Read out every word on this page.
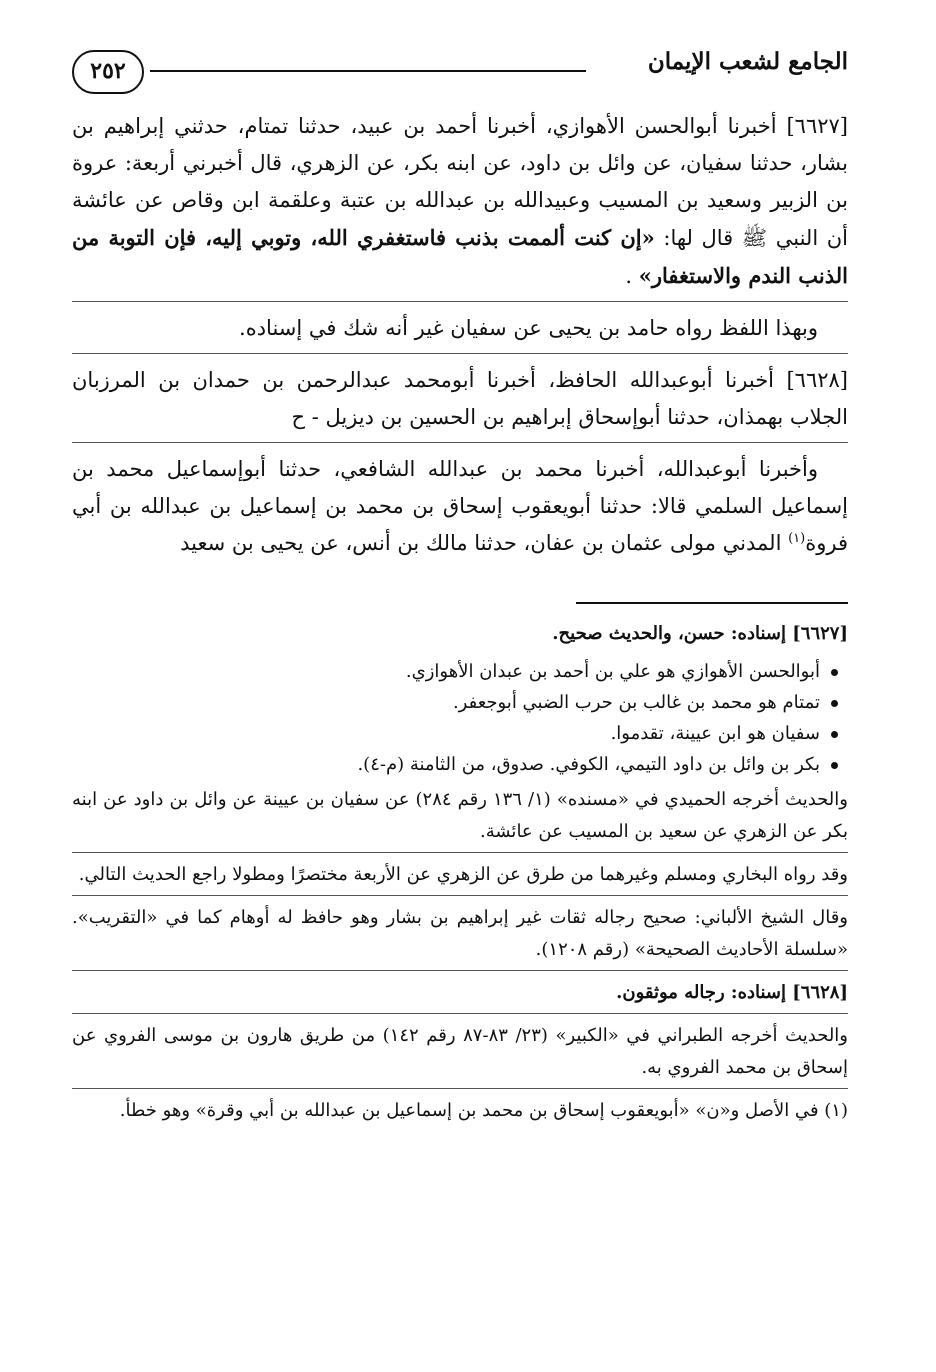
الجامع لشعب الإيمان
٢٥٢

[٦٦٢٧] أخبرنا أبوالحسن الأهوازي، أخبرنا أحمد بن عبيد، حدثنا تمتام، حدثني إبراهيم بن بشار، حدثنا سفيان، عن وائل بن داود، عن ابنه بكر، عن الزهري، قال أخبرني أربعة: عروة بن الزبير وسعيد بن المسيب وعبيدالله بن عبدالله بن عتبة وعلقمة ابن وقاص عن عائشة أن النبي ﷺ قال لها: «إن كنت ألممت بذنب فاستغفري الله، وتوبي إليه، فإن التوبة من الذنب الندم والاستغفار» .

وبهذا اللفظ رواه حامد بن يحيى عن سفيان غير أنه شك في إسناده.

[٦٦٢٨] أخبرنا أبوعبدالله الحافظ، أخبرنا أبومحمد عبدالرحمن بن حمدان بن المرزبان الجلاب بهمذان، حدثنا أبوإسحاق إبراهيم بن الحسين بن ديزيل - ح

وأخبرنا أبوعبدالله، أخبرنا محمد بن عبدالله الشافعي، حدثنا أبوإسماعيل محمد بن إسماعيل السلمي قالا: حدثنا أبويعقوب إسحاق بن محمد بن إسماعيل بن عبدالله بن أبي فروة$^{(١)}$ المدني مولى عثمان بن عفان، حدثنا مالك بن أنس، عن يحيى بن سعيد

[٦٦٢٧] إسناده: حسن، والحديث صحيح.

أبوالحسن الأهوازي هو علي بن أحمد بن عبدان الأهوازي.
تمتام هو محمد بن غالب بن حرب الضبي أبوجعفر.
سفيان هو ابن عيينة، تقدموا.
بكر بن وائل بن داود التيمي، الكوفي. صدوق، من الثامنة (م-٤).

والحديث أخرجه الحميدي في «مسنده» (١/ ١٣٦ رقم ٢٨٤) عن سفيان بن عيينة عن وائل بن داود عن ابنه بكر عن الزهري عن سعيد بن المسيب عن عائشة.

وقد رواه البخاري ومسلم وغيرهما من طرق عن الزهري عن الأربعة مختصرًا ومطولا راجع الحديث التالي.

وقال الشيخ الألباني: صحيح رجاله ثقات غير إبراهيم بن بشار وهو حافظ له أوهام كما في «التقريب». «سلسلة الأحاديث الصحيحة» (رقم ١٢٠٨).

[٦٦٢٨] إسناده: رجاله موثقون.

والحديث أخرجه الطبراني في «الكبير» (٢٣/ ٨٣-٨٧ رقم ١٤٢) من طريق هارون بن موسى الفروي عن إسحاق بن محمد الفروي به.

(١) في الأصل و«ن» «أبويعقوب إسحاق بن محمد بن إسماعيل بن عبدالله بن أبي وقرة» وهو خطأ.
